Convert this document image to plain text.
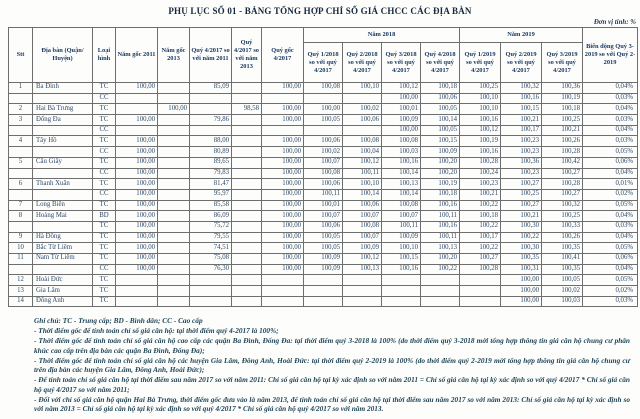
PHỤ LỤC SỐ 01 - BẢNG TỔNG HỢP CHỈ SỐ GIÁ CHCC CÁC ĐỊA BÀN
Đơn vị tính: %
Stt	Địa bàn (Quận/ Huyện)	Loại hình	Năm gốc 2011	Năm gốc 2013	Quý 4/2017 so với năm 2011	Quý 4/2017 so với năm 2013	Quý gốc 4/2017	Năm 2018				Năm 2019			Biến động Quý 3-2019 so với Quý 2-2019
								Quý 1/2018 so với quý 4/2017	Quý 2/2018 so với quý 4/2017	Quý 3/2018 so với quý 4/2017	Quý 4/2018 so với quý 4/2017	Quý 1/2019 so với quý 4/2017	Quý 2/2019 so với quý 4/2017	Quý 3/2019 so với quý 4/2017	
1	Ba Đình	TC	100,00		85,09		100,00	100,08	100,10	100,12	100,18	100,25	100,32	100,36	0,04%
		CC								100,00	100,06	100,10	100,16	100,19	0,03%
2	Hai Bà Trưng	TC		100,00		98,58	100,00	100,00	100,02	100,01	100,05	100,10	100,15	100,18	0,04%
3	Đống Đa	TC	100,00		79,86		100,00	100,05	100,06	100,09	100,14	100,16	100,21	100,25	0,03%
		CC								100,00	100,05	100,12	100,17	100,21	0,04%
4	Tây Hồ	TC	100,00		88,00		100,00	100,06	100,08	100,08	100,15	100,19	100,23	100,26	0,03%
		CC	100,00		80,89		100,00	100,02	100,04	100,03	100,09	100,16	100,23	100,28	0,05%
5	Cầu Giấy	TC	100,00		89,65		100,00	100,07	100,12	100,16	100,20	100,28	100,36	100,42	0,06%
		CC	100,00		79,83		100,00	100,08	100,11	100,14	100,20	100,24	100,23	100,27	0,04%
6	Thanh Xuân	TC	100,00		81,47		100,00	100,06	100,10	100,13	100,19	100,23	100,27	100,28	0,01%
		CC	100,00		95,97		100,00	100,11	100,14	100,14	100,18	100,21	100,25	100,27	0,02%
7	Long Biên	TC	100,00		85,58		100,00	100,01	100,06	100,08	100,16	100,22	100,27	100,32	0,05%
8	Hoàng Mai	BD	100,00		86,09		100,00	100,07	100,07	100,07	100,11	100,18	100,21	100,25	0,04%
		TC	100,00		75,72		100,00	100,06	100,08	100,11	100,16	100,22	100,30	100,33	0,03%
9	Hà Đông	TC	100,00		79,55		100,00	100,05	100,07	100,09	100,11	100,17	100,22	100,26	0,04%
10	Bắc Từ Liêm	TC	100,00		74,51		100,00	100,05	100,09	100,10	100,13	100,22	100,30	100,35	0,05%
11	Nam Từ Liêm	TC	100,00		75,08		100,00	100,09	100,12	100,15	100,20	100,27	100,35	100,41	0,06%
		CC	100,00		76,30		100,00	100,09	100,13	100,16	100,22	100,28	100,31	100,35	0,04%
12	Hoài Đức	TC											100,00	100,05	0,05%
13	Gia Lâm	TC											100,00	100,02	0,02%
14	Đông Anh	TC											100,00	100,03	0,03%

Ghi chú: TC - Trung cấp; BD - Bình dân; CC - Cao cấp

- Thời điểm gốc để tính toán chỉ số giá căn hộ: tại thời điểm quý 4-2017 là 100%;

- Thời điểm gốc để tính toán chỉ số giá căn hộ cao cấp các quận Ba Đình, Đống Đa: tại thời điểm quý 3-2018 là 100% (do thời điểm quý 3-2018 mới tổng hợp thông tin giá căn hộ chung cư phân khúc cao cấp trên địa bàn các quận Ba Đình, Đống Đa);

- Thời điểm gốc để tính toán chỉ số giá căn hộ các huyện Gia Lâm, Đông Anh, Hoài Đức: tại thời điểm quý 2-2019 là 100% (do thời điểm quý 2-2019 mới tổng hợp thông tin giá căn hộ chung cư trên địa bàn các huyện Gia Lâm, Đông Anh, Hoài Đức);

- Để tính toán chỉ số giá căn hộ tại thời điểm sau năm 2017 so với năm 2011: Chỉ số giá căn hộ tại kỳ xác định so với năm 2011 = Chỉ số giá căn hộ tại kỳ xác định so với quý 4/2017 * Chỉ số giá căn hộ quý 4/2017 so với năm 2011;

- Đối với chỉ số giá căn hộ quận Hai Bà Trưng, thời điểm gốc đưa vào là năm 2013, để tính toán chỉ số giá căn hộ tại thời điểm sau năm 2017 so với năm 2013: Chỉ số giá căn hộ tại kỳ xác định so với năm 2013 = Chỉ số giá căn hộ tại kỳ xác định so với quý 4/2017 * Chỉ số giá căn hộ quý 4/2017 so với năm 2013.
